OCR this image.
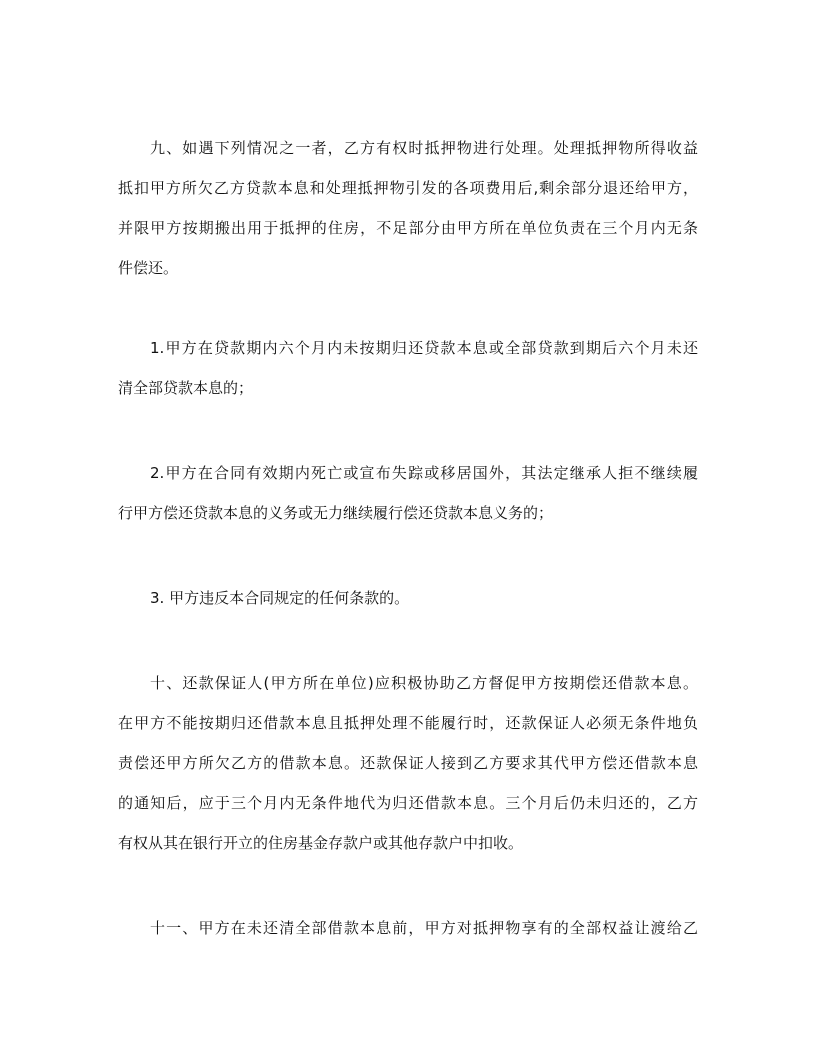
九、如遇下列情况之一者，乙方有权时抵押物进行处理。处理抵押物所得收益
抵扣甲方所欠乙方贷款本息和处理抵押物引发的各项费用后,剩余部分退还给甲方，
并限甲方按期搬出用于抵押的住房，不足部分由甲方所在单位负责在三个月内无条
件偿还。
1.甲方在贷款期内六个月内未按期归还贷款本息或全部贷款到期后六个月未还
清全部贷款本息的；
2.甲方在合同有效期内死亡或宣布失踪或移居国外，其法定继承人拒不继续履
行甲方偿还贷款本息的义务或无力继续履行偿还贷款本息义务的；
3. 甲方违反本合同规定的任何条款的。
十、还款保证人(甲方所在单位)应积极协助乙方督促甲方按期偿还借款本息。
在甲方不能按期归还借款本息且抵押处理不能履行时，还款保证人必须无条件地负
责偿还甲方所欠乙方的借款本息。还款保证人接到乙方要求其代甲方偿还借款本息
的通知后，应于三个月内无条件地代为归还借款本息。三个月后仍未归还的，乙方
有权从其在银行开立的住房基金存款户或其他存款户中扣收。
十一、甲方在未还清全部借款本息前，甲方对抵押物享有的全部权益让渡给乙
